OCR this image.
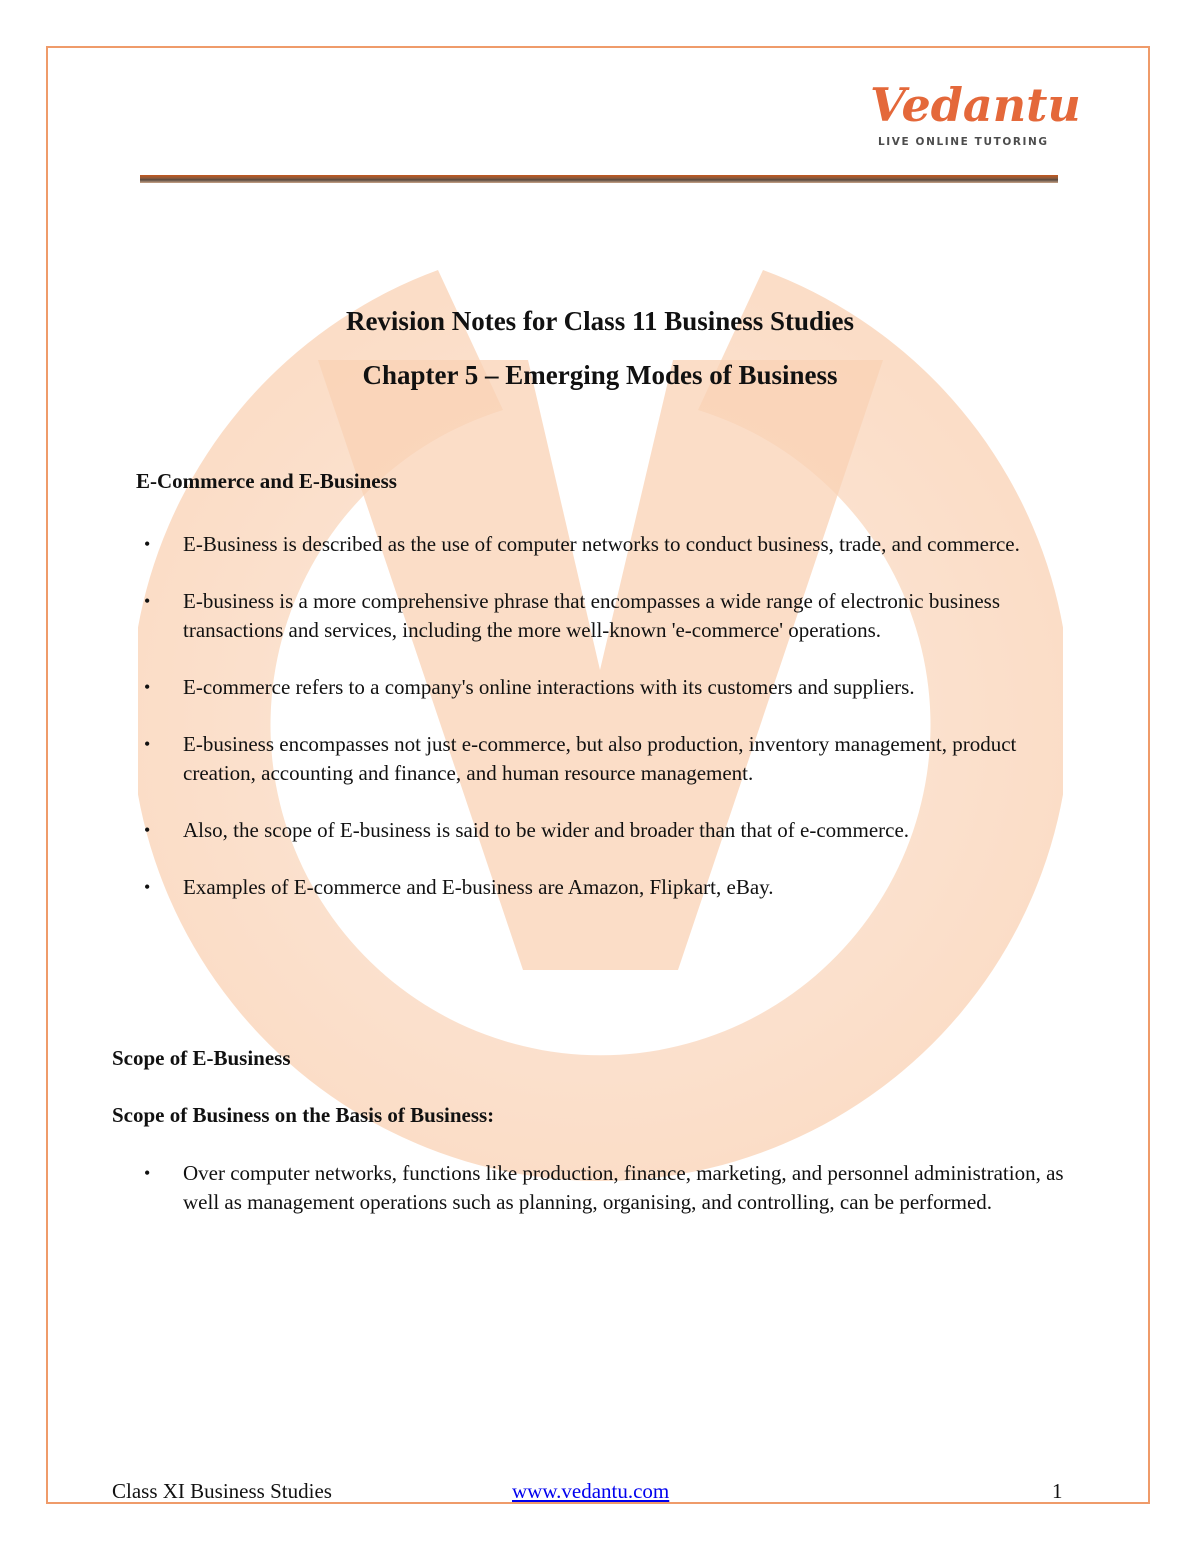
Vedantu
LIVE ONLINE TUTORING
Revision Notes for Class 11 Business Studies
Chapter 5 – Emerging Modes of Business
E-Commerce and E-Business
• E-Business is described as the use of computer networks to conduct business, trade, and commerce.
• E-business is a more comprehensive phrase that encompasses a wide range of electronic business transactions and services, including the more well-known 'e-commerce' operations.
• E-commerce refers to a company's online interactions with its customers and suppliers.
• E-business encompasses not just e-commerce, but also production, inventory management, product creation, accounting and finance, and human resource management.
• Also, the scope of E-business is said to be wider and broader than that of e-commerce.
• Examples of E-commerce and E-business are Amazon, Flipkart, eBay.
Scope of E-Business
Scope of Business on the Basis of Business:
• Over computer networks, functions like production, finance, marketing, and personnel administration, as well as management operations such as planning, organising, and controlling, can be performed.
Class XI Business Studies	www.vedantu.com	1
